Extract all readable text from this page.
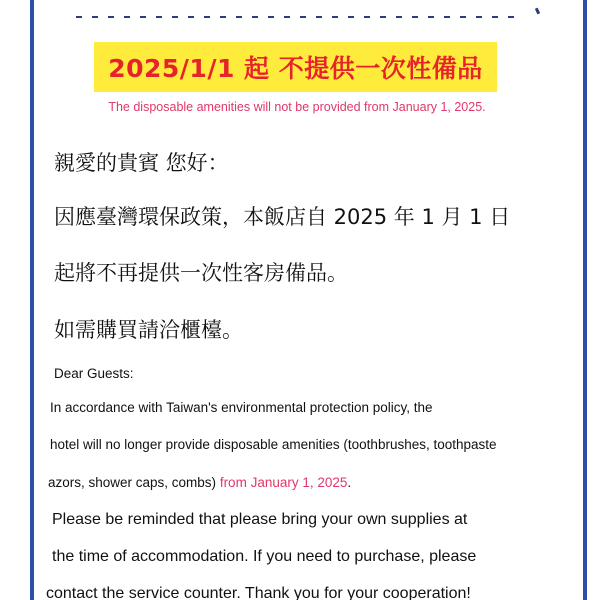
2025/1/1 起 不提供一次性備品
The disposable amenities will not be provided from January 1, 2025.
親愛的貴賓 您好：
因應臺灣環保政策，本飯店自 2025 年 1 月 1 日
起將不再提供一次性客房備品。
如需購買請洽櫃檯。
Dear Guests:
In accordance with Taiwan's environmental protection policy, the
hotel will no longer provide disposable amenities (toothbrushes, toothpaste
azors, shower caps, combs) from January 1, 2025.
Please be reminded that please bring your own supplies at
the time of accommodation. If you need to purchase, please
contact the service counter. Thank you for your cooperation!
